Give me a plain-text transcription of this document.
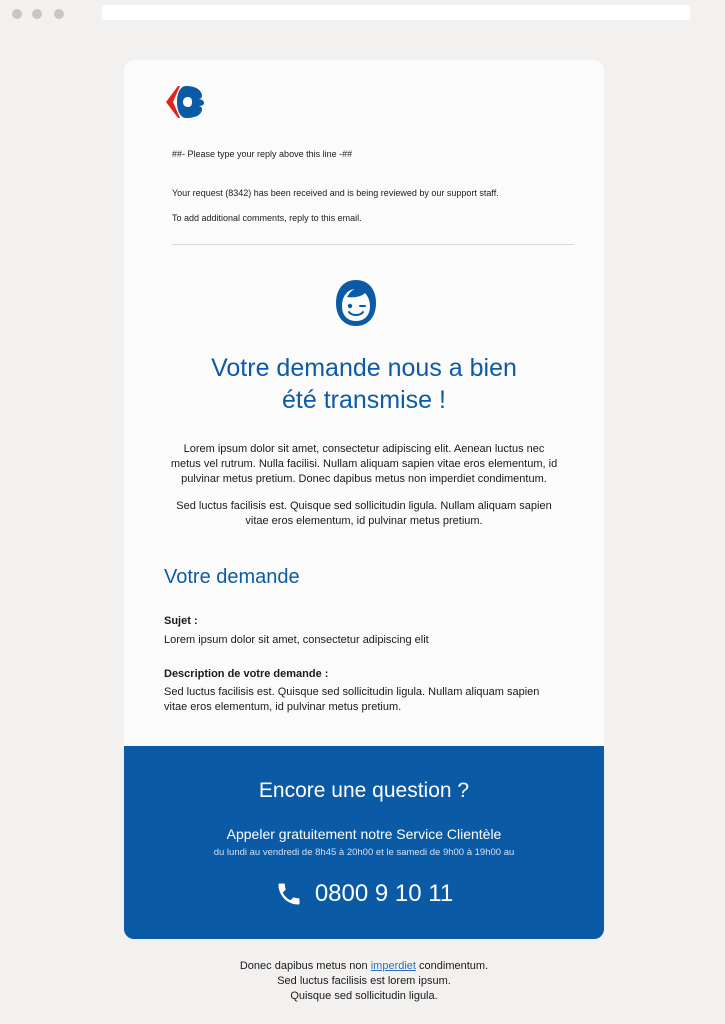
##- Please type your reply above this line -##
Your request (8342) has been received and is being reviewed by our support staff.
To add additional comments, reply to this email.
Votre demande nous a bien
été transmise !
Lorem ipsum dolor sit amet, consectetur adipiscing elit. Aenean luctus nec
metus vel rutrum. Nulla facilisi. Nullam aliquam sapien vitae eros elementum, id
pulvinar metus pretium. Donec dapibus metus non imperdiet condimentum.
Sed luctus facilisis est. Quisque sed sollicitudin ligula. Nullam aliquam sapien
vitae eros elementum, id pulvinar metus pretium.
Votre demande
Sujet :
Lorem ipsum dolor sit amet, consectetur adipiscing elit
Description de votre demande :
Sed luctus facilisis est. Quisque sed sollicitudin ligula. Nullam aliquam sapien
vitae eros elementum, id pulvinar metus pretium.
Encore une question ?
Appeler gratuitement notre Service Clientèle
du lundi au vendredi de 8h45 à 20h00 et le samedi de 9h00 à 19h00 au
0800 9 10 11
Donec dapibus metus non imperdiet condimentum.
Sed luctus facilisis est lorem ipsum.
Quisque sed sollicitudin ligula.
